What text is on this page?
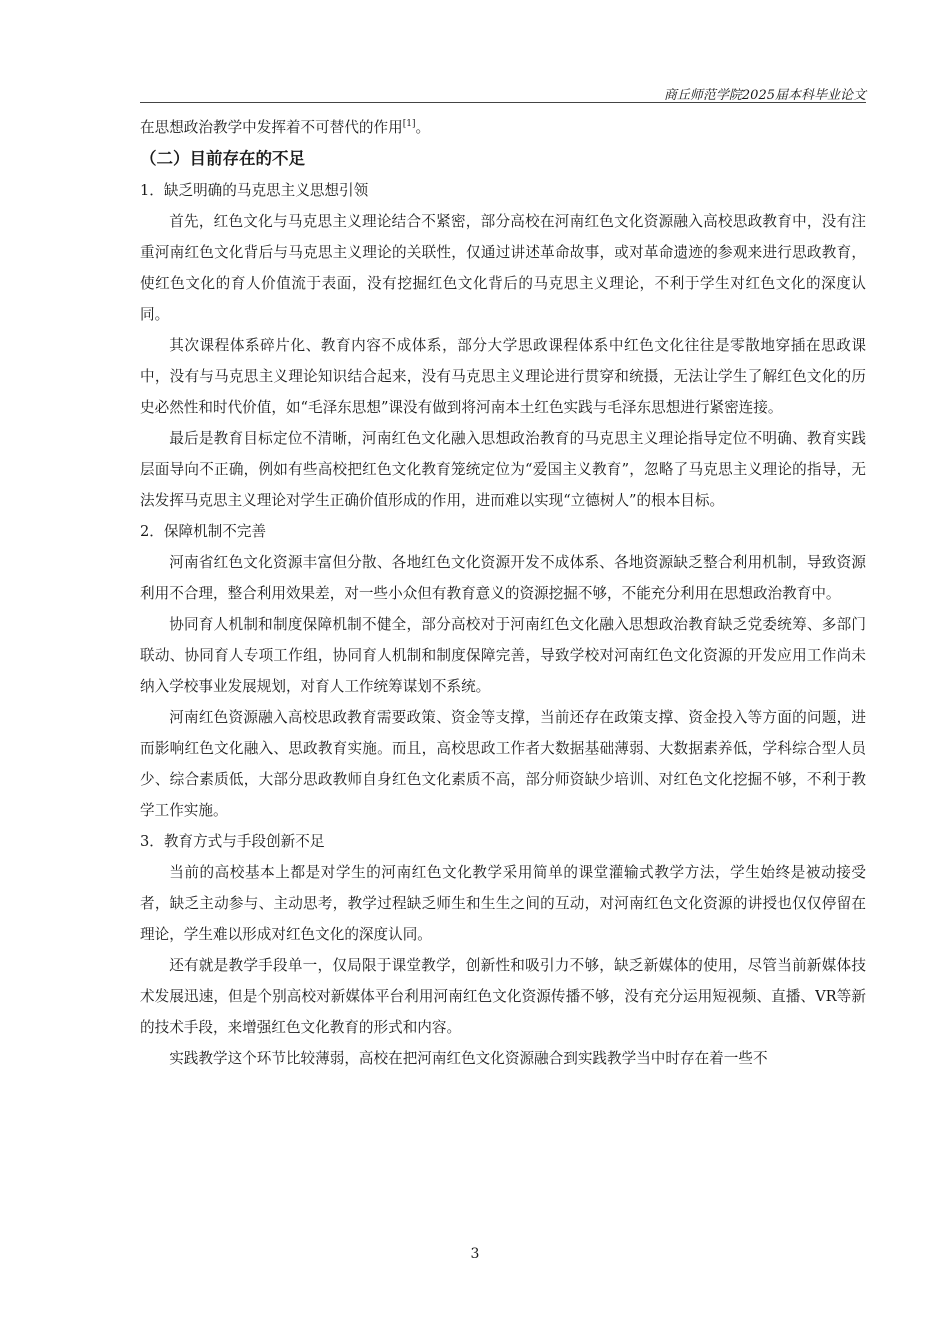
商丘师范学院2025届本科毕业论文

在思想政治教学中发挥着不可替代的作用[1]。

（二）目前存在的不足

1．缺乏明确的马克思主义思想引领

首先，红色文化与马克思主义理论结合不紧密，部分高校在河南红色文化资源融入高校思政教育中，没有注重河南红色文化背后与马克思主义理论的关联性，仅通过讲述革命故事，或对革命遗迹的参观来进行思政教育，使红色文化的育人价值流于表面，没有挖掘红色文化背后的马克思主义理论，不利于学生对红色文化的深度认同。

其次课程体系碎片化、教育内容不成体系，部分大学思政课程体系中红色文化往往是零散地穿插在思政课中，没有与马克思主义理论知识结合起来，没有马克思主义理论进行贯穿和统摄，无法让学生了解红色文化的历史必然性和时代价值，如“毛泽东思想”课没有做到将河南本土红色实践与毛泽东思想进行紧密连接。

最后是教育目标定位不清晰，河南红色文化融入思想政治教育的马克思主义理论指导定位不明确、教育实践层面导向不正确，例如有些高校把红色文化教育笼统定位为“爱国主义教育”，忽略了马克思主义理论的指导，无法发挥马克思主义理论对学生正确价值形成的作用，进而难以实现“立德树人”的根本目标。

2．保障机制不完善

河南省红色文化资源丰富但分散、各地红色文化资源开发不成体系、各地资源缺乏整合利用机制，导致资源利用不合理，整合利用效果差，对一些小众但有教育意义的资源挖掘不够，不能充分利用在思想政治教育中。

协同育人机制和制度保障机制不健全，部分高校对于河南红色文化融入思想政治教育缺乏党委统筹、多部门联动、协同育人专项工作组，协同育人机制和制度保障完善，导致学校对河南红色文化资源的开发应用工作尚未纳入学校事业发展规划，对育人工作统筹谋划不系统。

河南红色资源融入高校思政教育需要政策、资金等支撑，当前还存在政策支撑、资金投入等方面的问题，进而影响红色文化融入、思政教育实施。而且，高校思政工作者大数据基础薄弱、大数据素养低，学科综合型人员少、综合素质低，大部分思政教师自身红色文化素质不高，部分师资缺少培训、对红色文化挖掘不够，不利于教学工作实施。

3．教育方式与手段创新不足

当前的高校基本上都是对学生的河南红色文化教学采用简单的课堂灌输式教学方法，学生始终是被动接受者，缺乏主动参与、主动思考，教学过程缺乏师生和生生之间的互动，对河南红色文化资源的讲授也仅仅停留在理论，学生难以形成对红色文化的深度认同。

还有就是教学手段单一，仅局限于课堂教学，创新性和吸引力不够，缺乏新媒体的使用，尽管当前新媒体技术发展迅速，但是个别高校对新媒体平台利用河南红色文化资源传播不够，没有充分运用短视频、直播、VR等新的技术手段，来增强红色文化教育的形式和内容。

实践教学这个环节比较薄弱，高校在把河南红色文化资源融合到实践教学当中时存在着一些不

3
